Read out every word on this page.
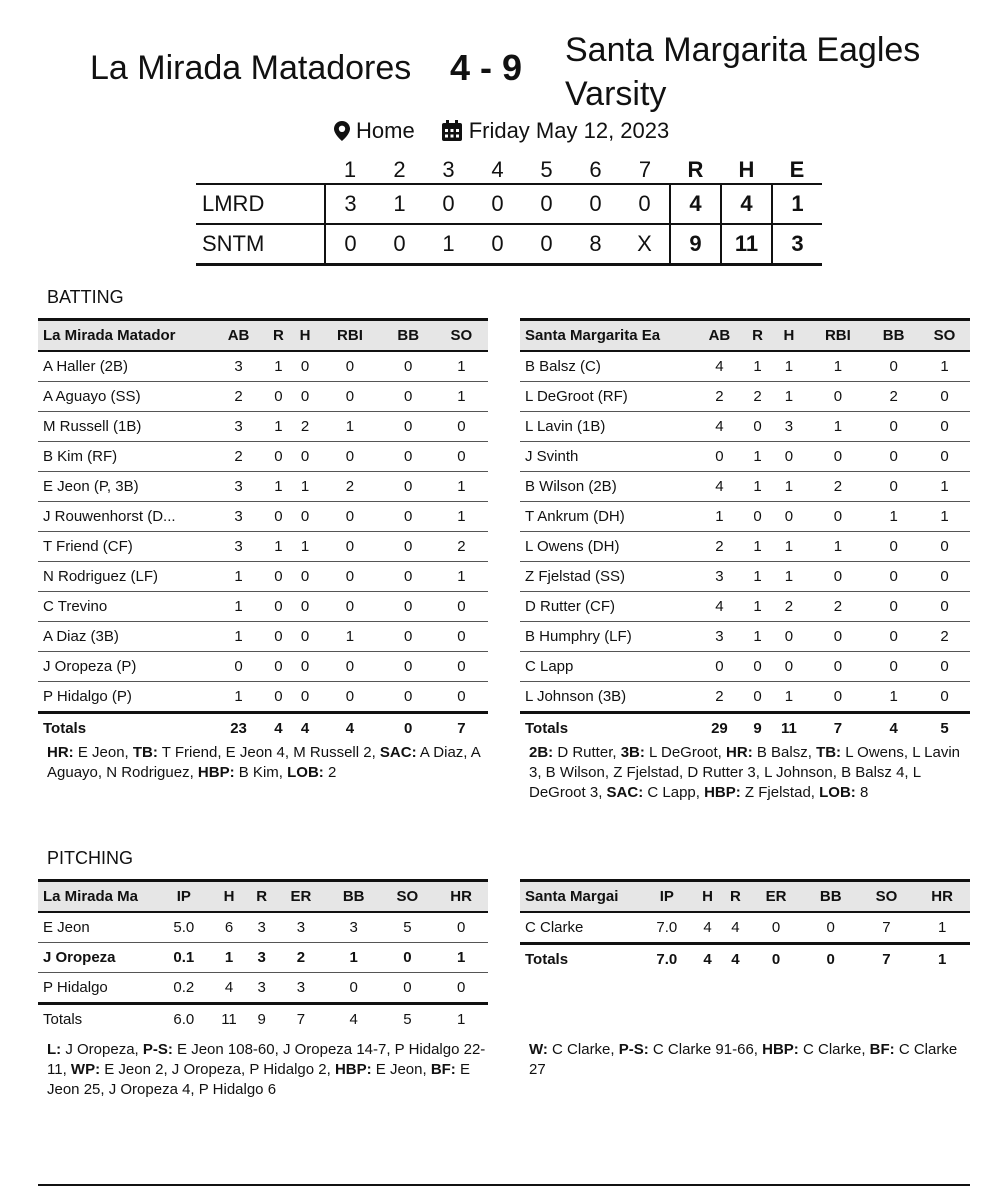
La Mirada Matadores 4 - 9 Santa Margarita Eagles Varsity
Home Friday May 12, 2023
	1	2	3	4	5	6	7	R	H	E
LMRD	3	1	0	0	0	0	0	4	4	1
SNTM	0	0	1	0	0	8	X	9	11	3
BATTING
La Mirada Matador	AB	R	H	RBI	BB	SO
A Haller (2B)	3	1	0	0	0	1
A Aguayo (SS)	2	0	0	0	0	1
M Russell (1B)	3	1	2	1	0	0
B Kim (RF)	2	0	0	0	0	0
E Jeon (P, 3B)	3	1	1	2	0	1
J Rouwenhorst (D...	3	0	0	0	0	1
T Friend (CF)	3	1	1	0	0	2
N Rodriguez (LF)	1	0	0	0	0	1
C Trevino	1	0	0	0	0	0
A Diaz (3B)	1	0	0	1	0	0
J Oropeza (P)	0	0	0	0	0	0
P Hidalgo (P)	1	0	0	0	0	0
Totals	23	4	4	4	0	7
Santa Margarita Ea	AB	R	H	RBI	BB	SO
B Balsz (C)	4	1	1	1	0	1
L DeGroot (RF)	2	2	1	0	2	0
L Lavin (1B)	4	0	3	1	0	0
J Svinth	0	1	0	0	0	0
B Wilson (2B)	4	1	1	2	0	1
T Ankrum (DH)	1	0	0	0	1	1
L Owens (DH)	2	1	1	1	0	0
Z Fjelstad (SS)	3	1	1	0	0	0
D Rutter (CF)	4	1	2	2	0	0
B Humphry (LF)	3	1	0	0	0	2
C Lapp	0	0	0	0	0	0
L Johnson (3B)	2	0	1	0	1	0
Totals	29	9	11	7	4	5
HR: E Jeon, TB: T Friend, E Jeon 4, M Russell 2, SAC: A Diaz, A Aguayo, N Rodriguez, HBP: B Kim, LOB: 2
2B: D Rutter, 3B: L DeGroot, HR: B Balsz, TB: L Owens, L Lavin 3, B Wilson, Z Fjelstad, D Rutter 3, L Johnson, B Balsz 4, L DeGroot 3, SAC: C Lapp, HBP: Z Fjelstad, LOB: 8
PITCHING
La Mirada Ma	IP	H	R	ER	BB	SO	HR
E Jeon	5.0	6	3	3	3	5	0
J Oropeza	0.1	1	3	2	1	0	1
P Hidalgo	0.2	4	3	3	0	0	0
Totals	6.0	11	9	7	4	5	1
Santa Margai	IP	H	R	ER	BB	SO	HR
C Clarke	7.0	4	4	0	0	7	1
Totals	7.0	4	4	0	0	7	1
L: J Oropeza, P-S: E Jeon 108-60, J Oropeza 14-7, P Hidalgo 22-11, WP: E Jeon 2, J Oropeza, P Hidalgo 2, HBP: E Jeon, BF: E Jeon 25, J Oropeza 4, P Hidalgo 6
W: C Clarke, P-S: C Clarke 91-66, HBP: C Clarke, BF: C Clarke 27
